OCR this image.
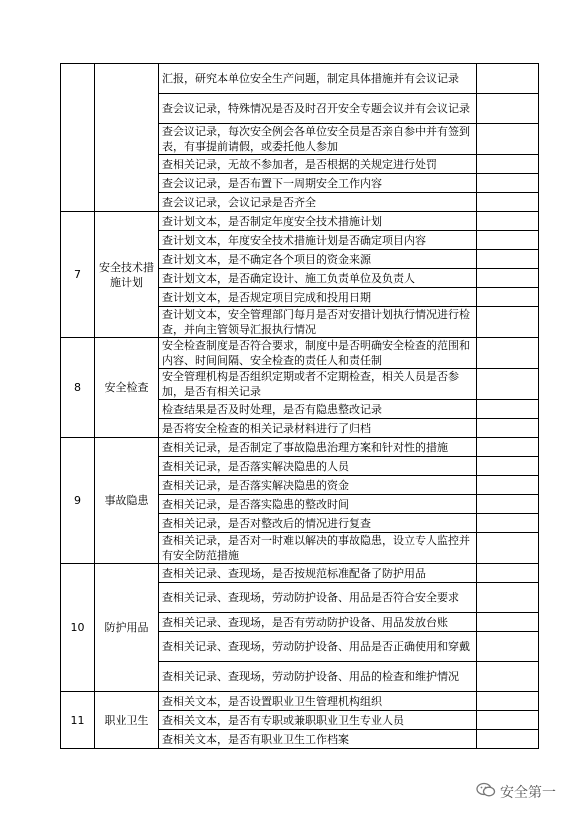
		汇报，研究本单位安全生产问题，制定具体措施并有会议记录	
		查会议记录，特殊情况是否及时召开安全专题会议并有会议记录	
		查会议记录，每次安全例会各单位安全员是否亲自参中并有签到表，有事提前请假，或委托他人参加	
		查相关记录，无故不参加者，是否根据的关规定进行处罚	
		查会议记录，是否布置下一周期安全工作内容	
		查会议记录，会议记录是否齐全	
7	安全技术措施计划	查计划文本，是否制定年度安全技术措施计划	
		查计划文本，年度安全技术措施计划是否确定项目内容	
		查计划文本，是不确定各个项目的资金来源	
		查计划文本，是否确定设计、施工负责单位及负责人	
		查计划文本，是否规定项目完成和投用日期	
		查计划文本，安全管理部门每月是否对安措计划执行情况进行检查，并向主管领导汇报执行情况	
8	安全检查	安全检查制度是否符合要求，制度中是否明确安全检查的范围和内容、时间间隔、安全检查的责任人和责任制	
		安全管理机构是否组织定期或者不定期检查，相关人员是否参加，是否有相关记录	
		检查结果是否及时处理，是否有隐患整改记录	
		是否将安全检查的相关记录材料进行了归档	
9	事故隐患	查相关记录，是否制定了事故隐患治理方案和针对性的措施	
		查相关记录，是否落实解决隐患的人员	
		查相关记录，是否落实解决隐患的资金	
		查相关记录，是否落实隐患的整改时间	
		查相关记录，是否对整改后的情况进行复查	
		查相关记录，是否对一时难以解决的事故隐患，设立专人监控并有安全防范措施	
10	防护用品	查相关记录、查现场，是否按规范标准配备了防护用品	
		查相关记录、查现场，劳动防护设备、用品是否符合安全要求	
		查相关记录、查现场，是否有劳动防护设备、用品发放台账	
		查相关记录、查现场，劳动防护设备、用品是否正确使用和穿戴	
		查相关记录、查现场，劳动防护设备、用品的检查和维护情况	
11	职业卫生	查相关文本，是否设置职业卫生管理机构组织	
		查相关文本，是否有专职或兼职职业卫生专业人员	
		查相关文本，是否有职业卫生工作档案	
安全第一
